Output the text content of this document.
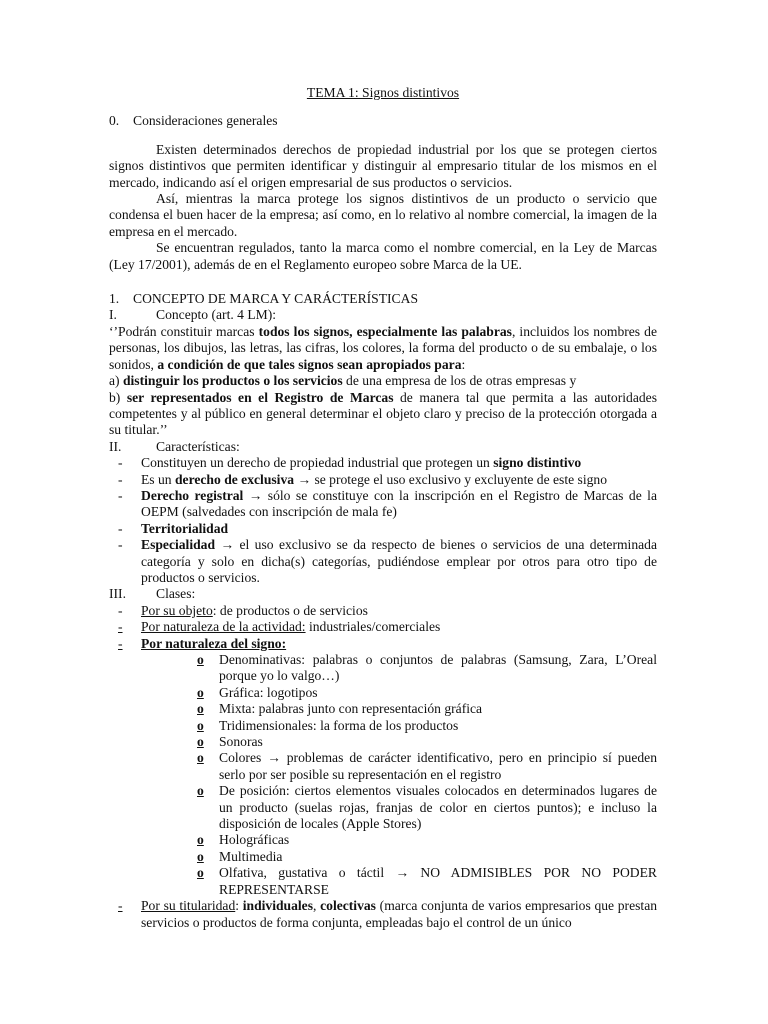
TEMA 1: Signos distintivos

0. Consideraciones generales

Existen determinados derechos de propiedad industrial por los que se protegen ciertos signos distintivos que permiten identificar y distinguir al empresario titular de los mismos en el mercado, indicando así el origen empresarial de sus productos o servicios.

Así, mientras la marca protege los signos distintivos de un producto o servicio que condensa el buen hacer de la empresa; así como, en lo relativo al nombre comercial, la imagen de la empresa en el mercado.

Se encuentran regulados, tanto la marca como el nombre comercial, en la Ley de Marcas (Ley 17/2001), además de en el Reglamento europeo sobre Marca de la UE.

1. CONCEPTO DE MARCA Y CARÁCTERÍSTICAS

I.	Concepto (art. 4 LM):

‘’Podrán constituir marcas todos los signos, especialmente las palabras, incluidos los nombres de personas, los dibujos, las letras, las cifras, los colores, la forma del producto o de su embalaje, o los sonidos, a condición de que tales signos sean apropiados para:

a) distinguir los productos o los servicios de una empresa de los de otras empresas y

b) ser representados en el Registro de Marcas de manera tal que permita a las autoridades competentes y al público en general determinar el objeto claro y preciso de la protección otorgada a su titular.’’

II.	Características:
- Constituyen un derecho de propiedad industrial que protegen un signo distintivo
- Es un derecho de exclusiva → se protege el uso exclusivo y excluyente de este signo
- Derecho registral → sólo se constituye con la inscripción en el Registro de Marcas de la OEPM (salvedades con inscripción de mala fe)
- Territorialidad
- Especialidad → el uso exclusivo se da respecto de bienes o servicios de una determinada categoría y solo en dicha(s) categorías, pudiéndose emplear por otros para otro tipo de productos o servicios.
III.	Clases:
- Por su objeto: de productos o de servicios
- Por naturaleza de la actividad: industriales/comerciales
- Por naturaleza del signo:
o	Denominativas: palabras o conjuntos de palabras (Samsung, Zara, L’Oreal porque yo lo valgo…)
o	Gráfica: logotipos
o	Mixta: palabras junto con representación gráfica
o	Tridimensionales: la forma de los productos
o	Sonoras
o	Colores → problemas de carácter identificativo, pero en principio sí pueden serlo por ser posible su representación en el registro
o	De posición: ciertos elementos visuales colocados en determinados lugares de un producto (suelas rojas, franjas de color en ciertos puntos); e incluso la disposición de locales (Apple Stores)
o	Holográficas
o	Multimedia
o	Olfativa, gustativa o táctil → NO ADMISIBLES POR NO PODER REPRESENTARSE
- Por su titularidad: individuales, colectivas (marca conjunta de varios empresarios que prestan servicios o productos de forma conjunta, empleadas bajo el control de un único
